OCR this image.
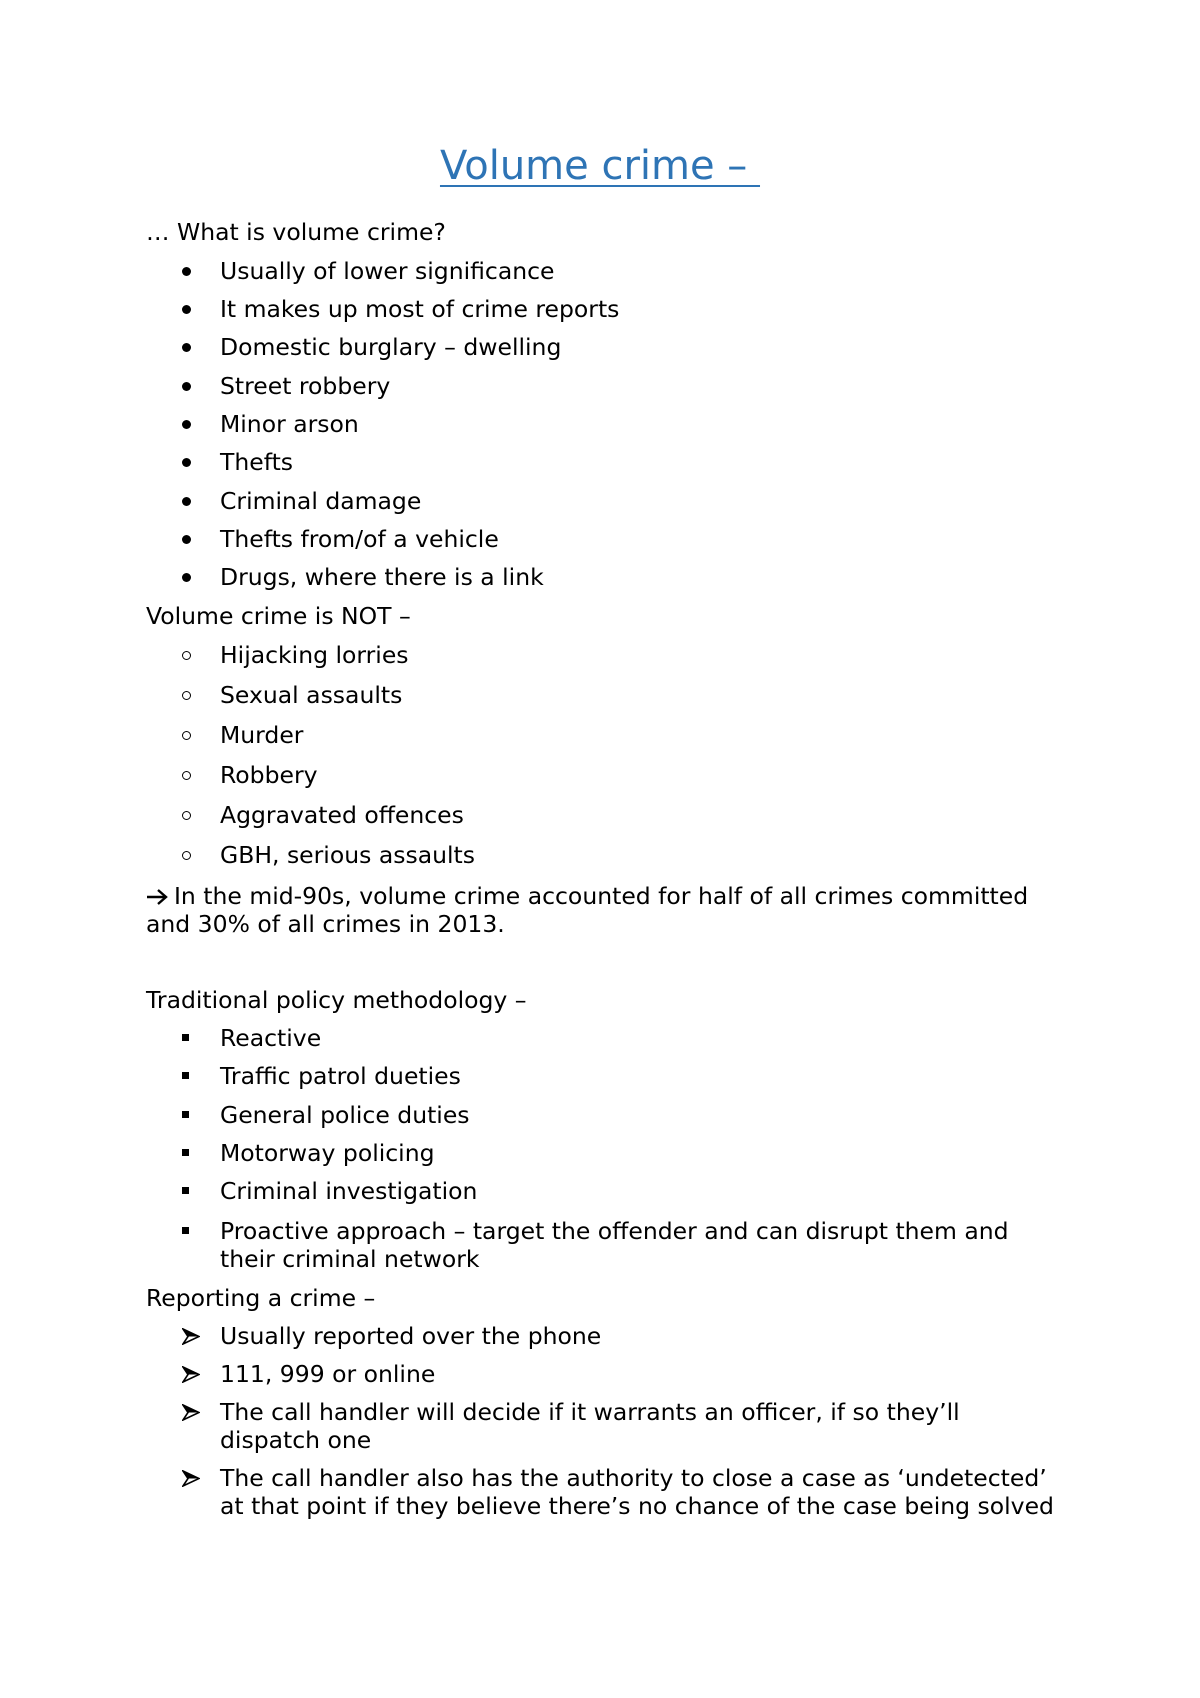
Volume crime –
… What is volume crime?
Usually of lower significance
It makes up most of crime reports
Domestic burglary – dwelling
Street robbery
Minor arson
Thefts
Criminal damage
Thefts from/of a vehicle
Drugs, where there is a link
Volume crime is NOT –
Hijacking lorries
Sexual assaults
Murder
Robbery
Aggravated offences
GBH, serious assaults
In the mid-90s, volume crime accounted for half of all crimes committed and 30% of all crimes in 2013.
Traditional policy methodology –
Reactive
Traffic patrol dueties
General police duties
Motorway policing
Criminal investigation
Proactive approach – target the offender and can disrupt them and their criminal network
Reporting a crime –
Usually reported over the phone
111, 999 or online
The call handler will decide if it warrants an officer, if so they’ll dispatch one
The call handler also has the authority to close a case as ‘undetected’ at that point if they believe there’s no chance of the case being solved
